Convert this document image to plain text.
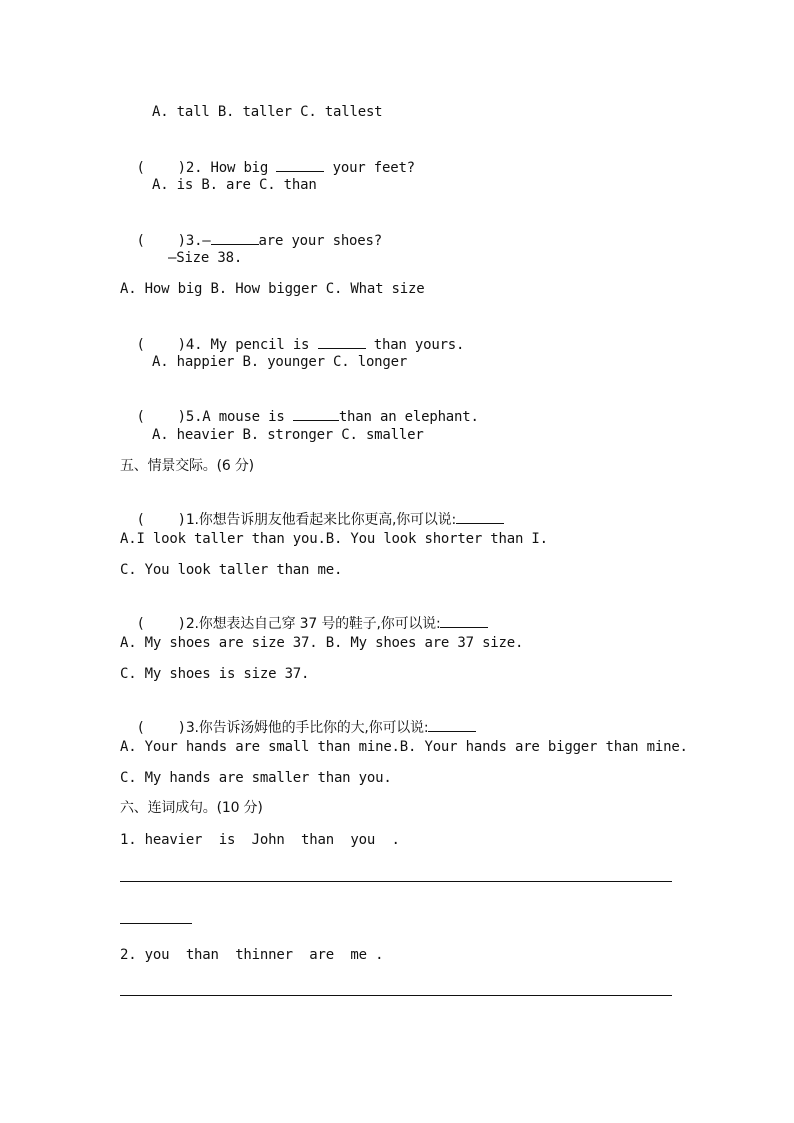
A. tall B. taller C. tallest

(    )2. How big	your feet?

A. is B. are C. than

(    )3.—	are your shoes?

—Size 38.
A. How big B. How bigger C. What size

(    )4. My pencil is	than yours.

A. happier B. younger C. longer

(    )5.A mouse is	than an elephant.

A. heavier B. stronger C. smaller
五、情景交际。(6 分)

(    )1.你想告诉朋友他看起来比你更高,你可以说:

A.I look taller than you.B. You look shorter than I.
C. You look taller than me.

(    )2.你想表达自己穿 37 号的鞋子,你可以说:

A. My shoes are size 37. B. My shoes are 37 size.
C. My shoes is size 37.

(    )3.你告诉汤姆他的手比你的大,你可以说:

A. Your hands are small than mine.B. Your hands are bigger than mine.
C. My hands are smaller than you.
六、连词成句。(10 分)
1. heavier  is  John  than  you  .
2. you  than  thinner  are  me .
